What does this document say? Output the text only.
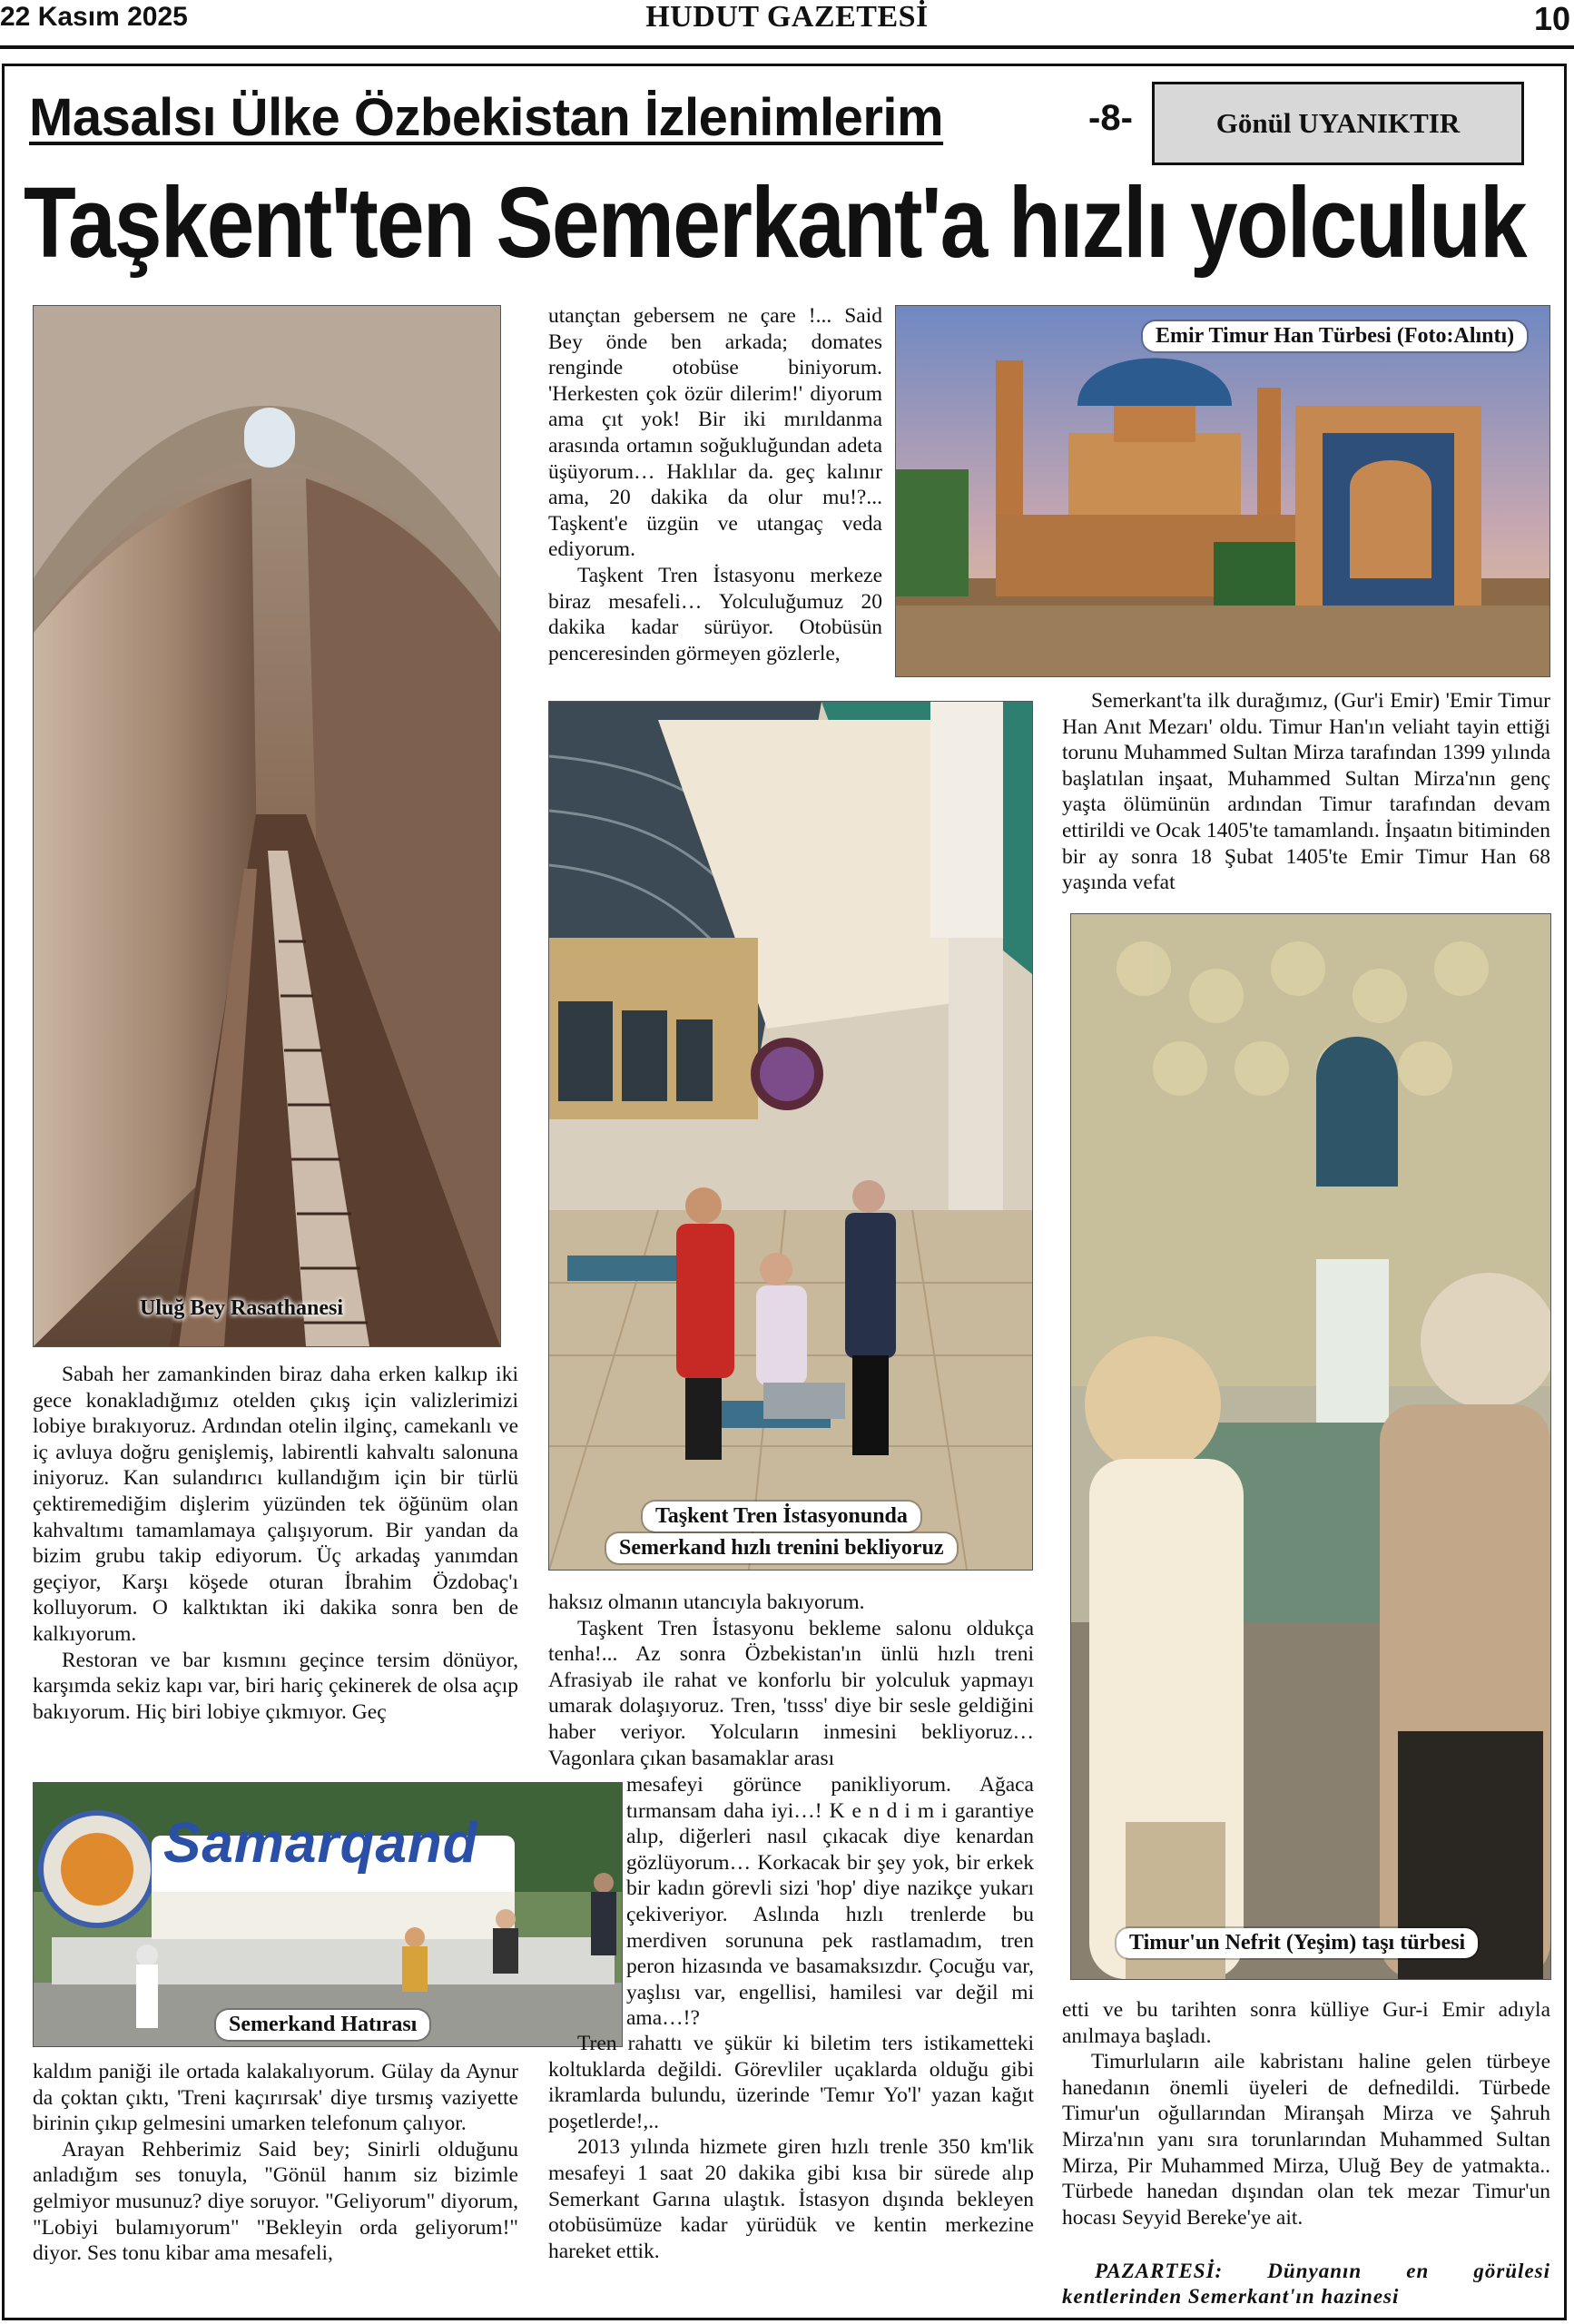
22 Kasım 2025	HUDUT GAZETESİ	10
Masalsı Ülke Özbekistan İzlenimlerim	-8-	Gönül UYANIKTIR
Taşkent'ten Semerkant'a hızlı yolculuk
Uluğ Bey Rasathanesi

Sabah her zamankinden biraz daha erken kalkıp iki gece konakladığımız otelden çıkış için valizlerimizi lobiye bırakıyoruz. Ardından otelin ilginç, camekanlı ve iç avluya doğru genişlemiş, labirentli kahvaltı salonuna iniyoruz. Kan sulandırıcı kullandığım için bir türlü çektiremediğim dişlerim yüzünden tek öğünüm olan kahvaltımı tamamlamaya çalışıyorum. Bir yandan da bizim grubu takip ediyorum. Üç arkadaş yanımdan geçiyor, Karşı köşede oturan İbrahim Özdobaç'ı kolluyorum. O kalktıktan iki dakika sonra ben de kalkıyorum.

Restoran ve bar kısmını geçince tersim dönüyor, karşımda sekiz kapı var, biri hariç çekinerek de olsa açıp bakıyorum. Hiç biri lobiye çıkmıyor. Geç

Samarqand
Semerkand Hatırası

kaldım paniği ile ortada kalakalıyorum. Gülay da Aynur da çoktan çıktı, 'Treni kaçırırsak' diye tırsmış vaziyette birinin çıkıp gelmesini umarken telefonum çalıyor.

Arayan Rehberimiz Said bey; Sinirli olduğunu anladığım ses tonuyla, "Gönül hanım siz bizimle gelmiyor musunuz? diye soruyor. "Geliyorum" diyorum, "Lobiyi bulamıyorum" "Bekleyin orda geliyorum!" diyor. Ses tonu kibar ama mesafeli,

utançtan gebersem ne çare !... Said Bey önde ben arkada; domates renginde otobüse biniyorum. 'Herkesten çok özür dilerim!' diyorum ama çıt yok! Bir iki mırıldanma arasında ortamın soğukluğundan adeta üşüyorum… Haklılar da. geç kalınır ama, 20 dakika da olur mu!?... Taşkent'e üzgün ve utangaç veda ediyorum.

Taşkent Tren İstasyonu merkeze biraz mesafeli… Yolculuğumuz 20 dakika kadar sürüyor. Otobüsün penceresinden görmeyen gözlerle,

Taşkent Tren İstasyonunda
Semerkand hızlı trenini bekliyoruz

haksız olmanın utancıyla bakıyorum.

Taşkent Tren İstasyonu bekleme salonu oldukça tenha!... Az sonra Özbekistan'ın ünlü hızlı treni Afrasiyab ile rahat ve konforlu bir yolculuk yapmayı umarak dolaşıyoruz. Tren, 'tısss' diye bir sesle geldiğini haber veriyor. Yolcuların inmesini bekliyoruz… Vagonlara çıkan basamaklar arası

mesafeyi görünce panikliyorum. Ağaca tırmansam daha iyi…! K e n d i m i garantiye alıp, diğerleri nasıl çıkacak diye kenardan gözlüyorum… Korkacak bir şey yok, bir erkek bir kadın görevli sizi 'hop' diye nazikçe yukarı çekiveriyor. Aslında hızlı trenlerde bu merdiven sorununa pek rastlamadım, tren peron hizasında ve basamaksızdır. Çocuğu var, yaşlısı var, engellisi, hamilesi var değil mi ama…!?

Tren rahattı ve şükür ki biletim ters istikametteki koltuklarda değildi. Görevliler uçaklarda olduğu gibi ikramlarda bulundu, üzerinde 'Temır Yo'l' yazan kağıt poşetlerde!,..

2013 yılında hizmete giren hızlı trenle 350 km'lik mesafeyi 1 saat 20 dakika gibi kısa bir sürede alıp Semerkant Garına ulaştık. İstasyon dışında bekleyen otobüsümüze kadar yürüdük ve kentin merkezine hareket ettik.

Emir Timur Han Türbesi (Foto:Alıntı)

Semerkant'ta ilk durağımız, (Gur'i Emir) 'Emir Timur Han Anıt Mezarı' oldu. Timur Han'ın veliaht tayin ettiği torunu Muhammed Sultan Mirza tarafından 1399 yılında başlatılan inşaat, Muhammed Sultan Mirza'nın genç yaşta ölümünün ardından Timur tarafından devam ettirildi ve Ocak 1405'te tamamlandı. İnşaatın bitiminden bir ay sonra 18 Şubat 1405'te Emir Timur Han 68 yaşında vefat

Timur'un Nefrit (Yeşim) taşı türbesi

etti ve bu tarihten sonra külliye Gur-i Emir adıyla anılmaya başladı.

Timurluların aile kabristanı haline gelen türbeye hanedanın önemli üyeleri de defnedildi. Türbede Timur'un oğullarından Miranşah Mirza ve Şahruh Mirza'nın yanı sıra torunlarından Muhammed Sultan Mirza, Pir Muhammed Mirza, Uluğ Bey de yatmakta.. Türbede hanedan dışından olan tek mezar Timur'un hocası Seyyid Bereke'ye ait.

PAZARTESİ: Dünyanın en görülesi kentlerinden Semerkant'ın hazinesi
